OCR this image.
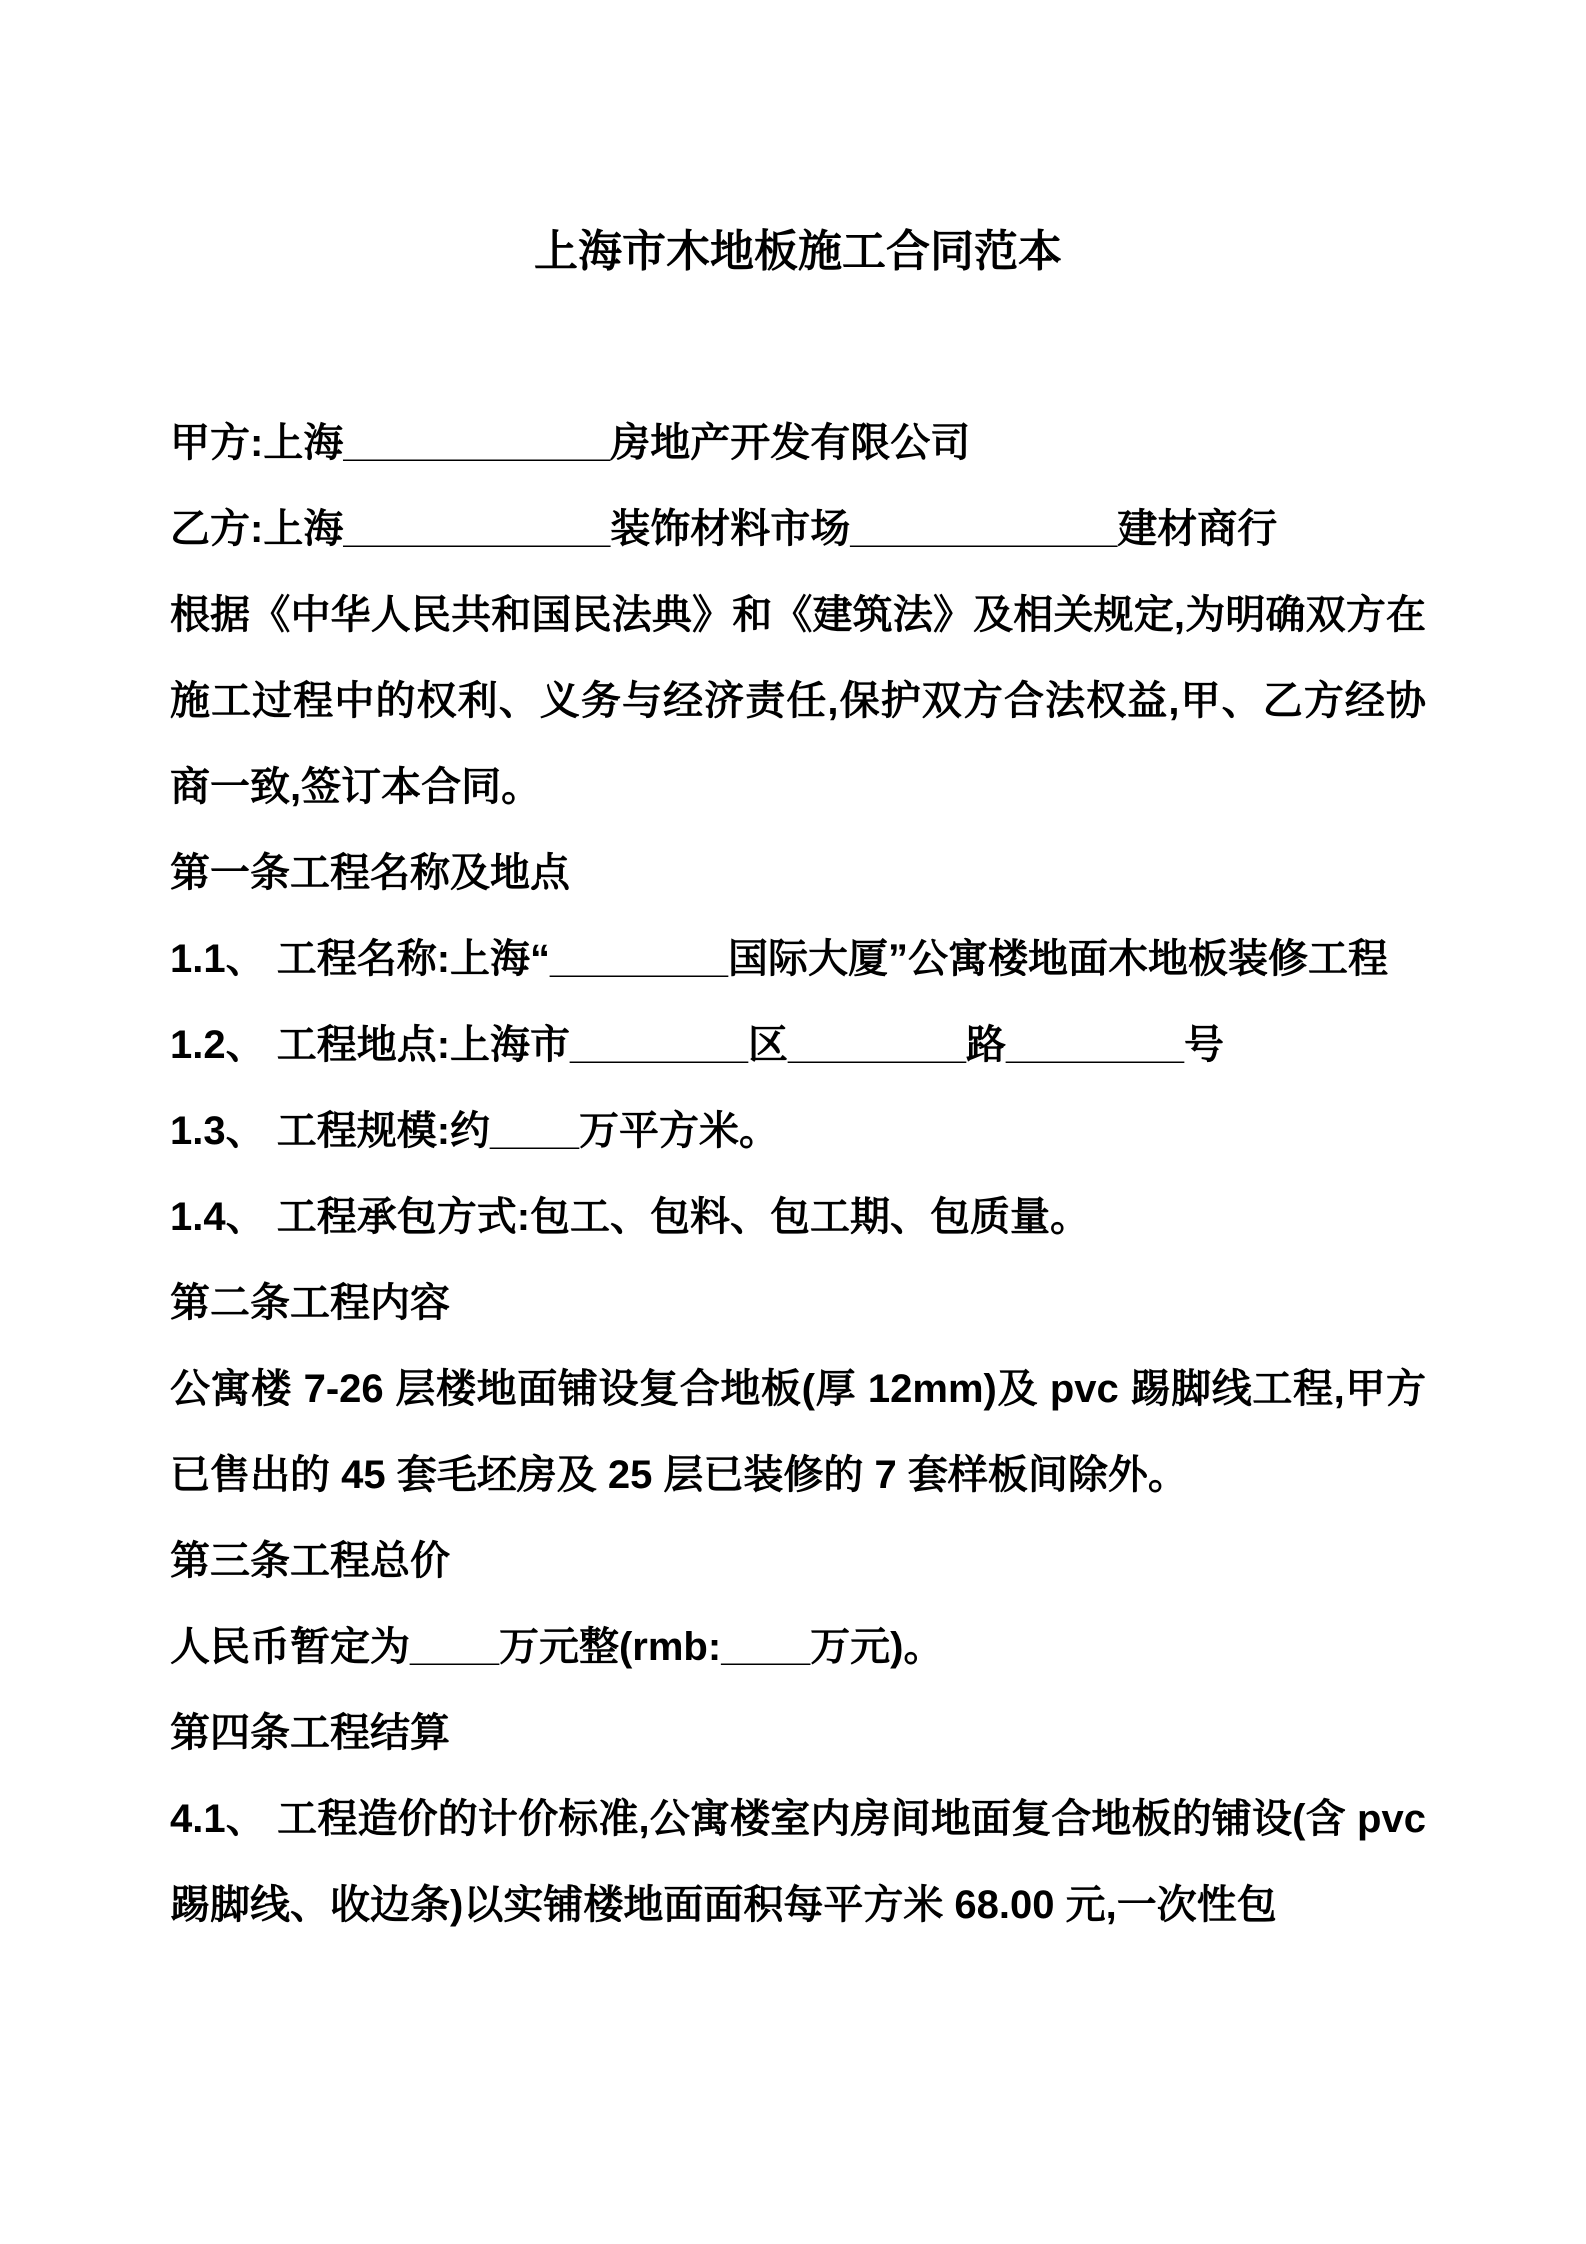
上海市木地板施工合同范本

甲方:上海____________房地产开发有限公司

乙方:上海____________装饰材料市场____________建材商行

根据《中华人民共和国民法典》和《建筑法》及相关规定,为明确双方在施工过程中的权利、义务与经济责任,保护双方合法权益,甲、乙方经协商一致,签订本合同。

第一条工程名称及地点

1.1、 工程名称:上海“________国际大厦”公寓楼地面木地板装修工程

1.2、 工程地点:上海市________区________路________号

1.3、 工程规模:约____万平方米。

1.4、 工程承包方式:包工、包料、包工期、包质量。

第二条工程内容

公寓楼 7-26 层楼地面铺设复合地板(厚 12mm)及 pvc 踢脚线工程,甲方已售出的 45 套毛坯房及 25 层已装修的 7 套样板间除外。

第三条工程总价

人民币暂定为____万元整(rmb:____万元)。

第四条工程结算

4.1、 工程造价的计价标准,公寓楼室内房间地面复合地板的铺设(含 pvc 踢脚线、收边条)以实铺楼地面面积每平方米 68.00 元,一次性包
